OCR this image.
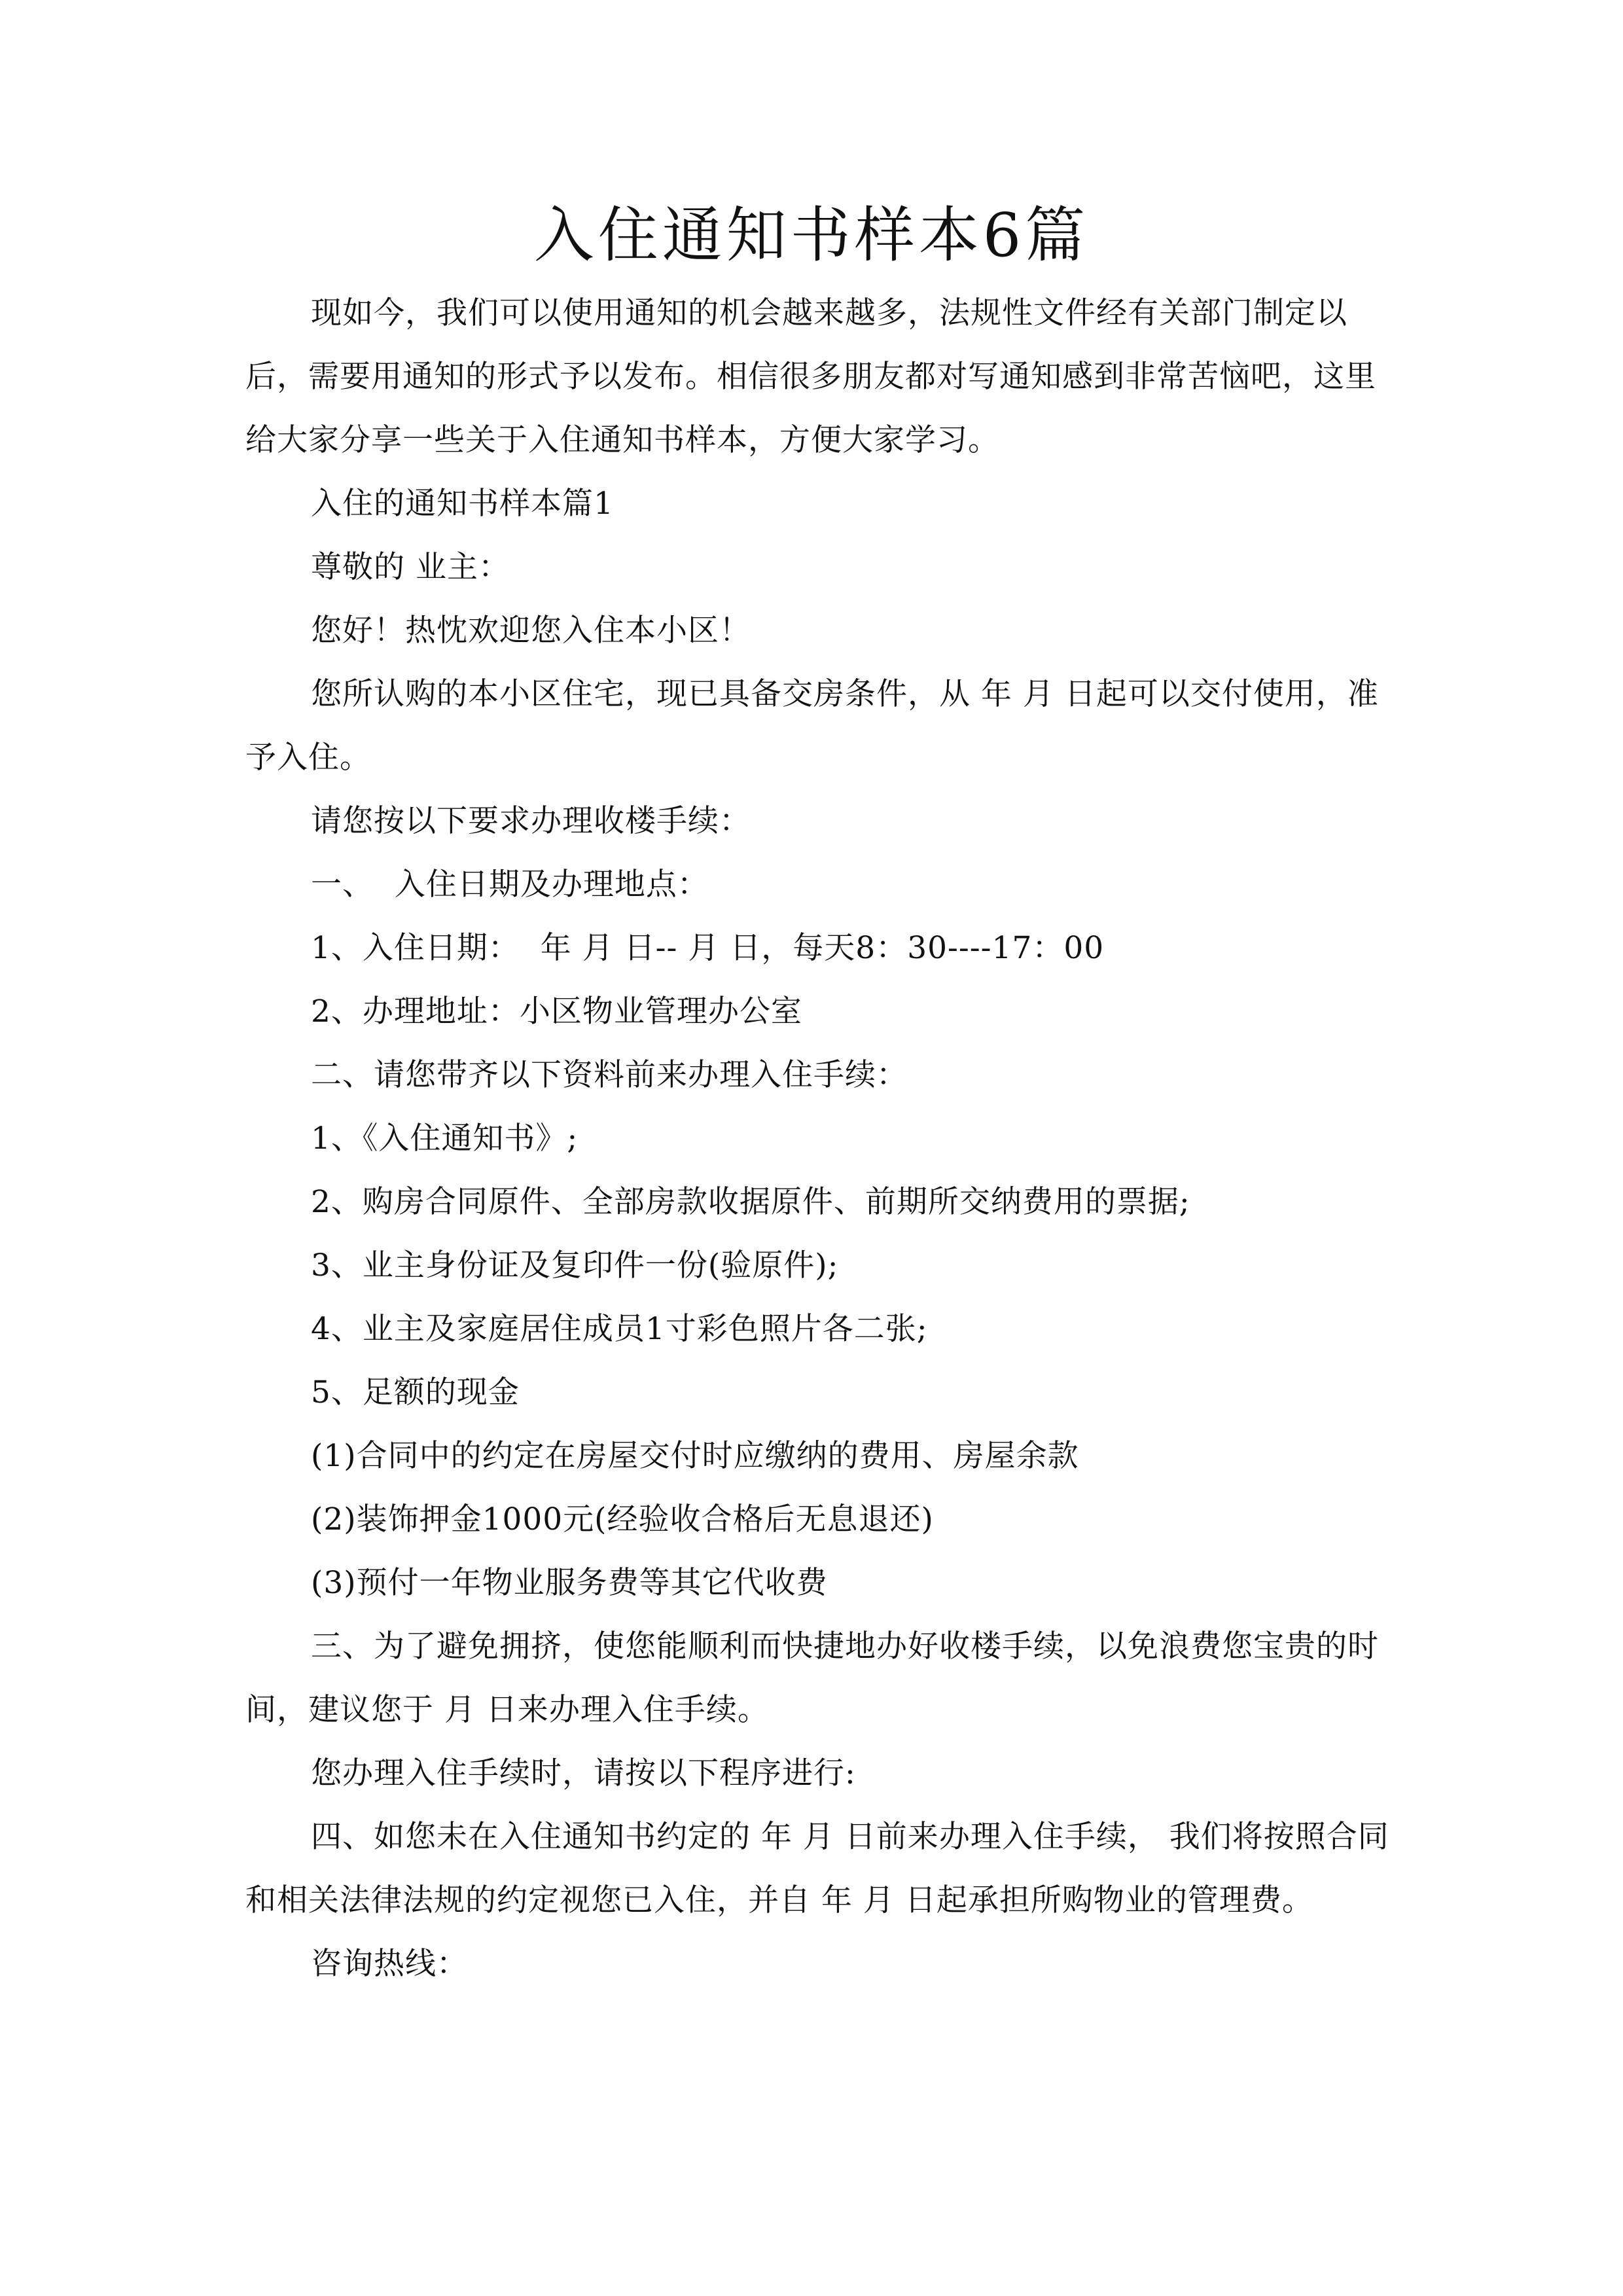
入住通知书样本6篇

现如今，我们可以使用通知的机会越来越多，法规性文件经有关部门制定以后，需要用通知的形式予以发布。相信很多朋友都对写通知感到非常苦恼吧，这里给大家分享一些关于入住通知书样本，方便大家学习。

入住的通知书样本篇1

尊敬的 业主：

您好！热忱欢迎您入住本小区！

您所认购的本小区住宅，现已具备交房条件，从 年 月 日起可以交付使用，准予入住。

请您按以下要求办理收楼手续：

一、  入住日期及办理地点：

1、入住日期：  年 月 日-- 月 日，每天8：30----17：00

2、办理地址：小区物业管理办公室

二、请您带齐以下资料前来办理入住手续：

1、《入住通知书》;

2、购房合同原件、全部房款收据原件、前期所交纳费用的票据;

3、业主身份证及复印件一份(验原件);

4、业主及家庭居住成员1寸彩色照片各二张;

5、足额的现金

(1)合同中的约定在房屋交付时应缴纳的费用、房屋余款

(2)装饰押金1000元(经验收合格后无息退还)

(3)预付一年物业服务费等其它代收费

三、为了避免拥挤，使您能顺利而快捷地办好收楼手续，以免浪费您宝贵的时间，建议您于 月 日来办理入住手续。

您办理入住手续时，请按以下程序进行:

四、如您未在入住通知书约定的 年 月 日前来办理入住手续， 我们将按照合同和相关法律法规的约定视您已入住，并自 年 月 日起承担所购物业的管理费。

咨询热线：
